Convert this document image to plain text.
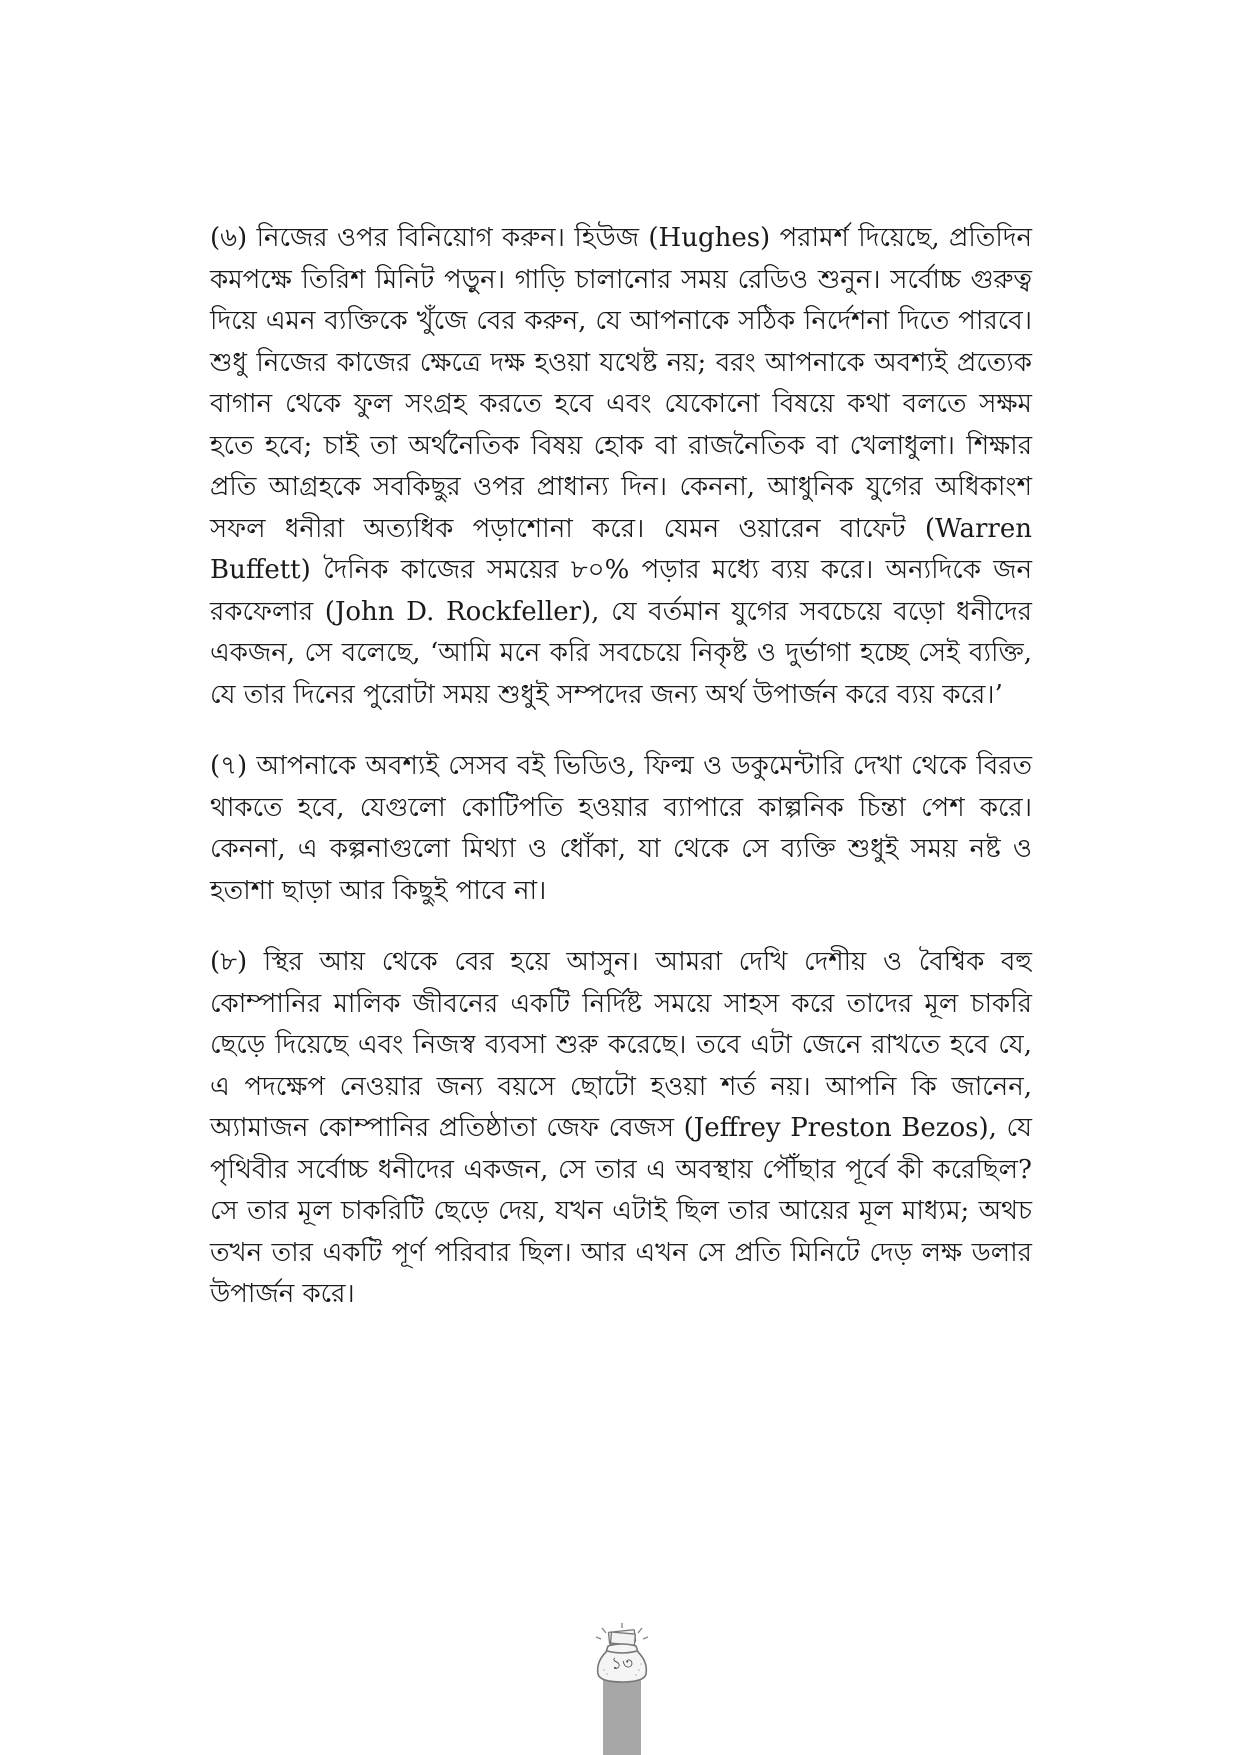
(৬) নিজের ওপর বিনিয়োগ করুন। হিউজ (Hughes) পরামর্শ দিয়েছে, প্রতিদিন কমপক্ষে তিরিশ মিনিট পড়ুন। গাড়ি চালানোর সময় রেডিও শুনুন। সর্বোচ্চ গুরুত্ব দিয়ে এমন ব্যক্তিকে খুঁজে বের করুন, যে আপনাকে সঠিক নির্দেশনা দিতে পারবে। শুধু নিজের কাজের ক্ষেত্রে দক্ষ হওয়া যথেষ্ট নয়; বরং আপনাকে অবশ্যই প্রত্যেক বাগান থেকে ফুল সংগ্রহ করতে হবে এবং যেকোনো বিষয়ে কথা বলতে সক্ষম হতে হবে; চাই তা অর্থনৈতিক বিষয় হোক বা রাজনৈতিক বা খেলাধুলা। শিক্ষার প্রতি আগ্রহকে সবকিছুর ওপর প্রাধান্য দিন। কেননা, আধুনিক যুগের অধিকাংশ সফল ধনীরা অত্যধিক পড়াশোনা করে। যেমন ওয়ারেন বাফেট (Warren Buffett) দৈনিক কাজের সময়ের ৮০% পড়ার মধ্যে ব্যয় করে। অন্যদিকে জন রকফেলার (John D. Rockfeller), যে বর্তমান যুগের সবচেয়ে বড়ো ধনীদের একজন, সে বলেছে, ‘আমি মনে করি সবচেয়ে নিকৃষ্ট ও দুর্ভাগা হচ্ছে সেই ব্যক্তি, যে তার দিনের পুরোটা সময় শুধুই সম্পদের জন্য অর্থ উপার্জন করে ব্যয় করে।’

(৭) আপনাকে অবশ্যই সেসব বই ভিডিও, ফিল্ম ও ডকুমেন্টারি দেখা থেকে বিরত থাকতে হবে, যেগুলো কোটিপতি হওয়ার ব্যাপারে কাল্পনিক চিন্তা পেশ করে। কেননা, এ কল্পনাগুলো মিথ্যা ও ধোঁকা, যা থেকে সে ব্যক্তি শুধুই সময় নষ্ট ও হতাশা ছাড়া আর কিছুই পাবে না।

(৮) স্থির আয় থেকে বের হয়ে আসুন। আমরা দেখি দেশীয় ও বৈশ্বিক বহু কোম্পানির মালিক জীবনের একটি নির্দিষ্ট সময়ে সাহস করে তাদের মূল চাকরি ছেড়ে দিয়েছে এবং নিজস্ব ব্যবসা শুরু করেছে। তবে এটা জেনে রাখতে হবে যে, এ পদক্ষেপ নেওয়ার জন্য বয়সে ছোটো হওয়া শর্ত নয়। আপনি কি জানেন, অ্যামাজন কোম্পানির প্রতিষ্ঠাতা জেফ বেজস (Jeffrey Preston Bezos), যে পৃথিবীর সর্বোচ্চ ধনীদের একজন, সে তার এ অবস্থায় পৌঁছার পূর্বে কী করেছিল? সে তার মূল চাকরিটি ছেড়ে দেয়, যখন এটাই ছিল তার আয়ের মূল মাধ্যম; অথচ তখন তার একটি পূর্ণ পরিবার ছিল। আর এখন সে প্রতি মিনিটে দেড় লক্ষ ডলার উপার্জন করে।

১৩
